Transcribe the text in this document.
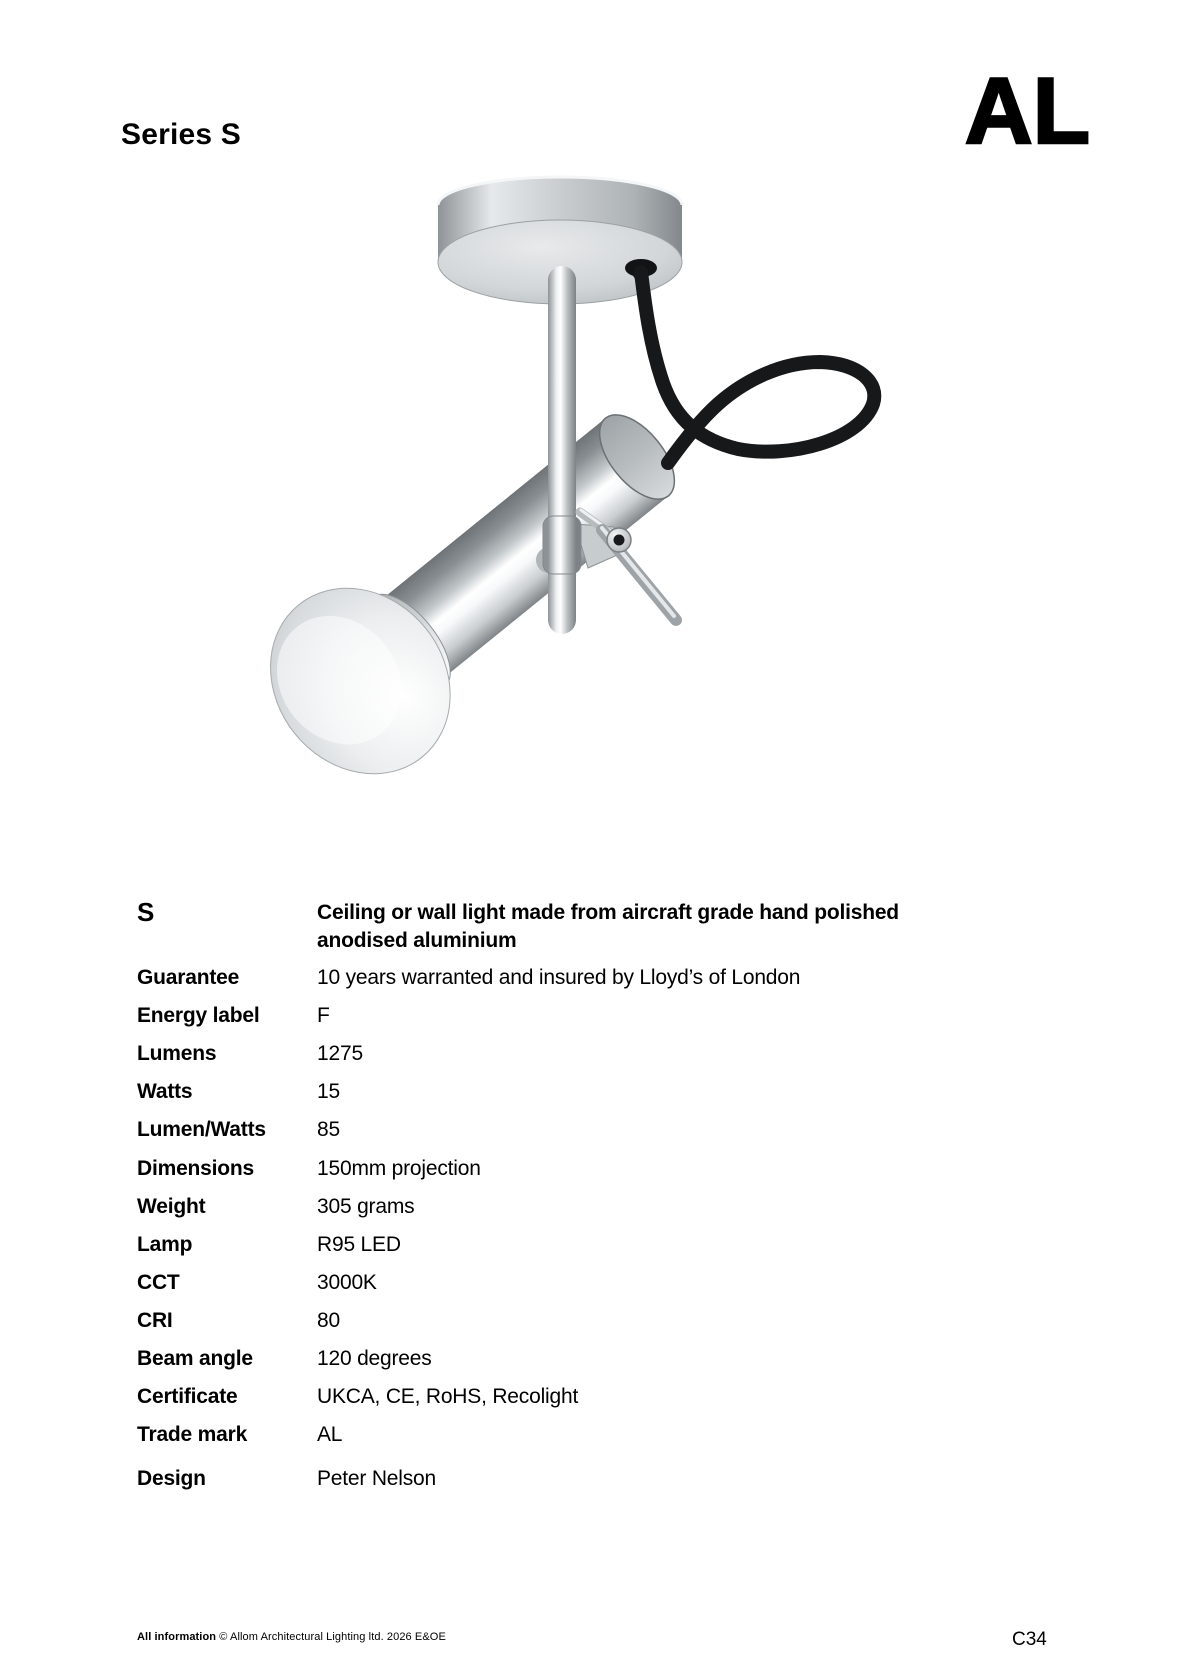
Series S	AL
S	Ceiling or wall light made from aircraft grade hand polished anodised aluminium
Guarantee	10 years warranted and insured by Lloyd’s of London
Energy label	F
Lumens	1275
Watts	15
Lumen/Watts 85
Dimensions	150mm projection
Weight	305 grams
Lamp	R95 LED
CCT	3000K
CRI	80
Beam angle	120 degrees
Certificate	UKCA, CE, RoHS, Recolight
Trade mark	AL
Design	Peter Nelson
All information © Allom Architectural Lighting ltd. 2026 E&OE	C34
